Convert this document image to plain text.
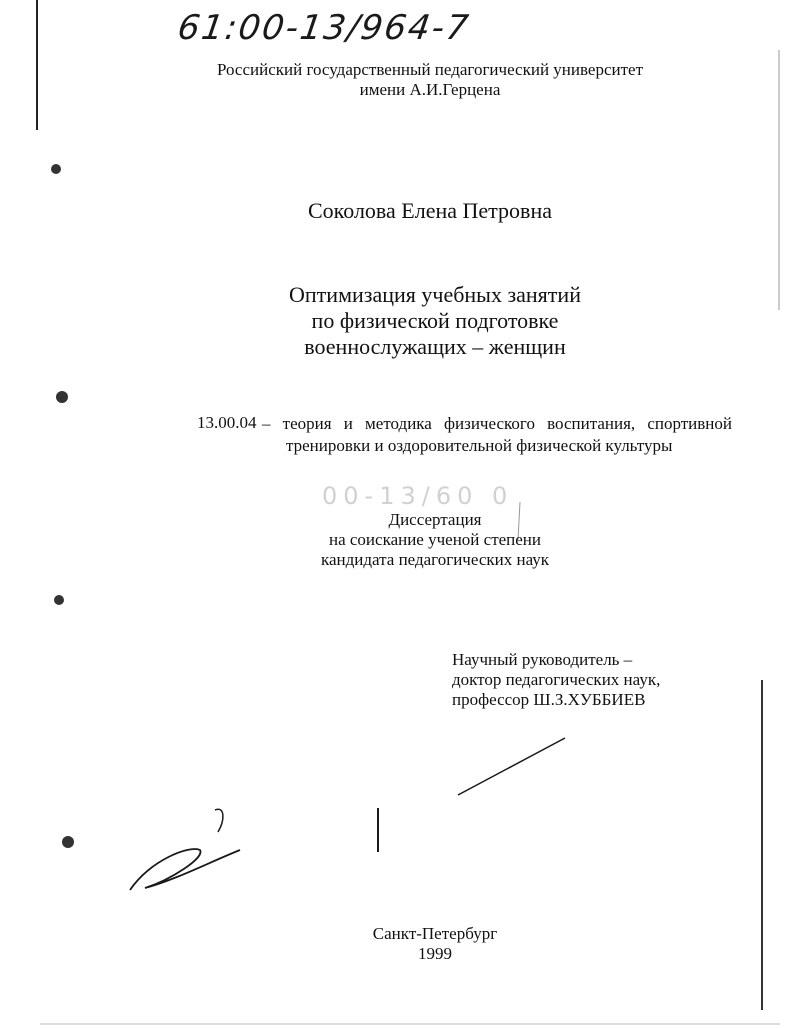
61:00-13/964-7
Российский государственный педагогический университет
имени А.И.Герцена
Соколова Елена Петровна
Оптимизация учебных занятий
по физической подготовке
военнослужащих – женщин
13.00.04 – теория и методика физического воспитания, спортивной
тренировки и оздоровительной физической культуры
00-13/60 0
Диссертация
на соискание ученой степени
кандидата педагогических наук
Научный руководитель –
доктор педагогических наук,
профессор Ш.З.ХУББИЕВ
Санкт-Петербург
1999
